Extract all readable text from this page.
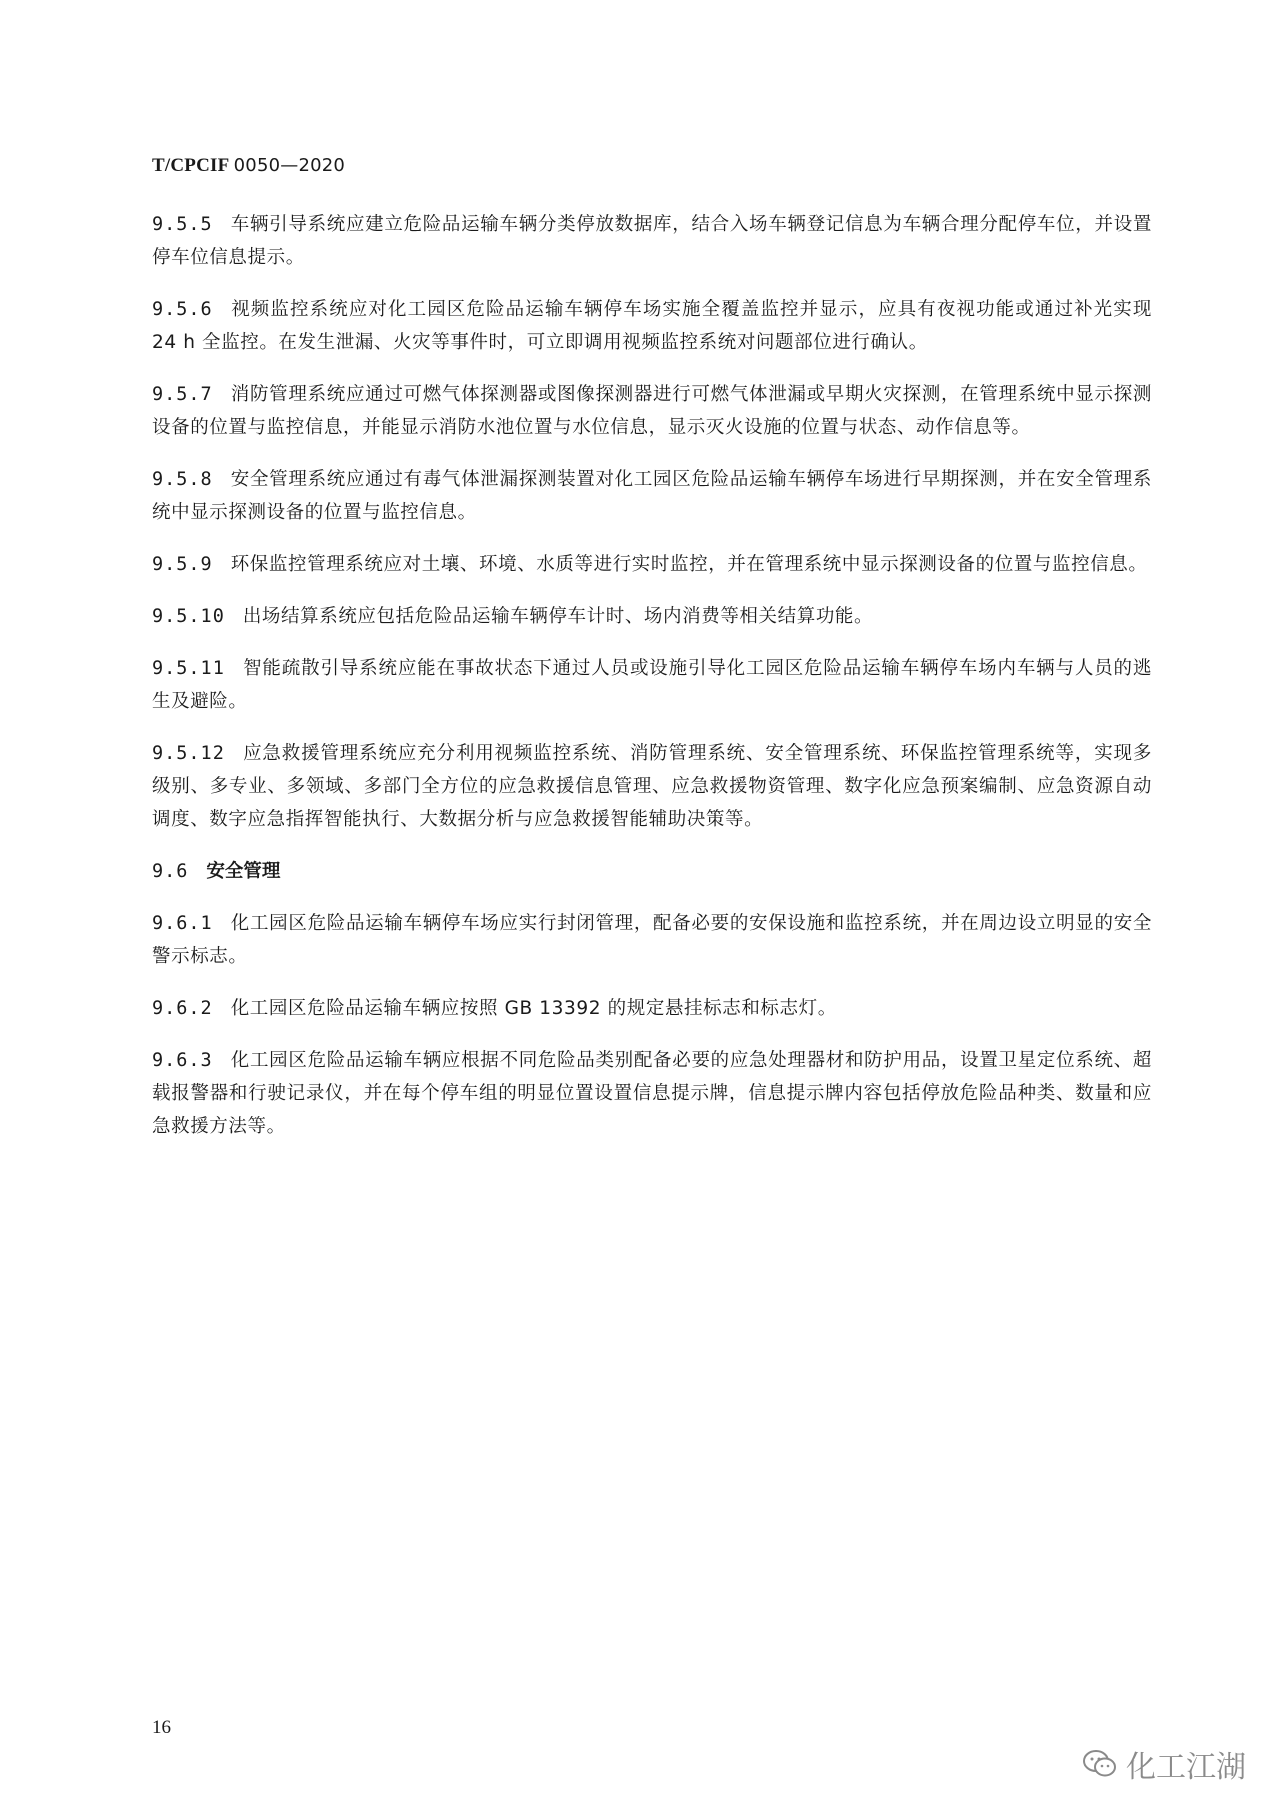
T/CPCIF 0050—2020

9.5.5 车辆引导系统应建立危险品运输车辆分类停放数据库，结合入场车辆登记信息为车辆合理分配停车位，并设置停车位信息提示。

9.5.6 视频监控系统应对化工园区危险品运输车辆停车场实施全覆盖监控并显示，应具有夜视功能或通过补光实现 24 h 全监控。在发生泄漏、火灾等事件时，可立即调用视频监控系统对问题部位进行确认。

9.5.7 消防管理系统应通过可燃气体探测器或图像探测器进行可燃气体泄漏或早期火灾探测，在管理系统中显示探测设备的位置与监控信息，并能显示消防水池位置与水位信息，显示灭火设施的位置与状态、动作信息等。

9.5.8 安全管理系统应通过有毒气体泄漏探测装置对化工园区危险品运输车辆停车场进行早期探测，并在安全管理系统中显示探测设备的位置与监控信息。

9.5.9 环保监控管理系统应对土壤、环境、水质等进行实时监控，并在管理系统中显示探测设备的位置与监控信息。

9.5.10 出场结算系统应包括危险品运输车辆停车计时、场内消费等相关结算功能。

9.5.11 智能疏散引导系统应能在事故状态下通过人员或设施引导化工园区危险品运输车辆停车场内车辆与人员的逃生及避险。

9.5.12 应急救援管理系统应充分利用视频监控系统、消防管理系统、安全管理系统、环保监控管理系统等，实现多级别、多专业、多领域、多部门全方位的应急救援信息管理、应急救援物资管理、数字化应急预案编制、应急资源自动调度、数字应急指挥智能执行、大数据分析与应急救援智能辅助决策等。

9.6 安全管理

9.6.1 化工园区危险品运输车辆停车场应实行封闭管理，配备必要的安保设施和监控系统，并在周边设立明显的安全警示标志。

9.6.2 化工园区危险品运输车辆应按照 GB 13392 的规定悬挂标志和标志灯。

9.6.3 化工园区危险品运输车辆应根据不同危险品类别配备必要的应急处理器材和防护用品，设置卫星定位系统、超载报警器和行驶记录仪，并在每个停车组的明显位置设置信息提示牌，信息提示牌内容包括停放危险品种类、数量和应急救援方法等。

16
化工江湖
